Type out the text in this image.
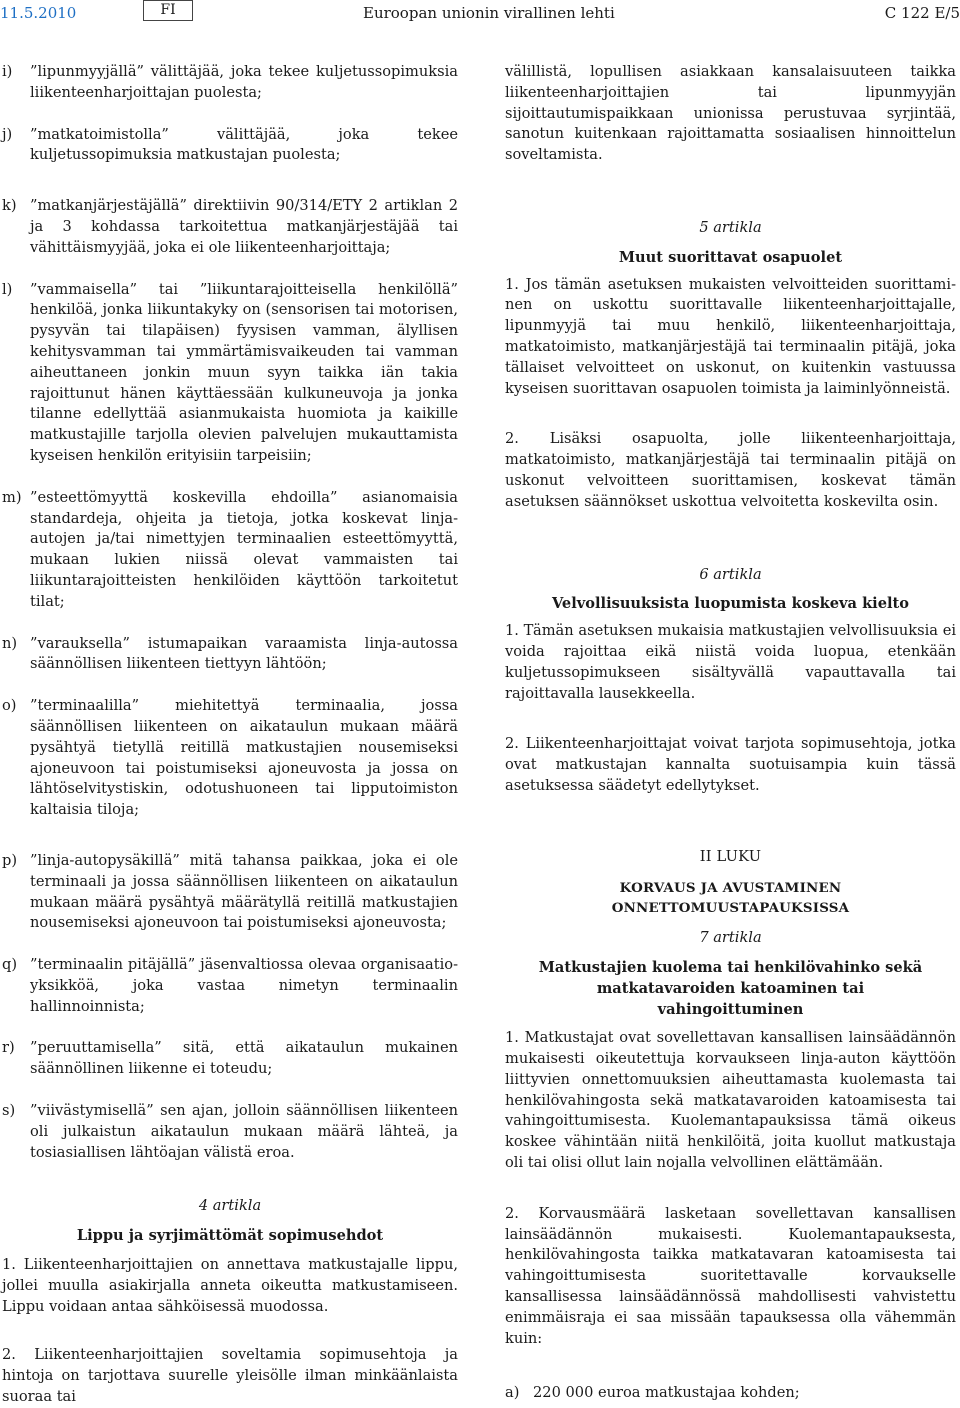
11.5.2010	FI	Euroopan unionin virallinen lehti	C 122 E/5
i)	”lipunmyyjällä” välittäjää, joka tekee kuljetussopimuksia liikenteenharjoittajan puolesta;
j)	”matkatoimistolla” välittäjää, joka tekee kuljetussopimuksia matkustajan puolesta;
k) ”matkanjärjestäjällä” direktiivin 90/314/ETY 2 artiklan 2 ja 3 kohdassa tarkoitettua matkanjärjestäjää tai vähittäismyyjää, joka ei ole liikenteenharjoittaja;
l)	”vammaisella” tai ”liikuntarajoitteisella henkilöllä” henkilöä, jonka liikuntakyky on (sensorisen tai motorisen, pysyvän tai tilapäisen) fyysisen vamman, älyllisen kehitysvamman tai ymmärtämisvaikeuden tai vamman aiheuttaneen jonkin muun syyn taikka iän takia rajoittunut hänen käyttäessään kulkuneuvoja ja jonka tilanne edellyttää asianmukaista huomiota ja kaikille matkustajille tarjolla olevien palvelujen mukauttamista kyseisen henkilön erityisiin tarpeisiin;
m) ”esteettömyyttä koskevilla ehdoilla” asianomaisia standardeja, ohjeita ja tietoja, jotka koskevat linja-autojen ja/tai nimettyjen terminaalien esteettömyyttä, mukaan lukien niissä olevat vammaisten tai liikuntarajoitteisten henkilöiden käyttöön tarkoitetut tilat;
n) ”varauksella” istumapaikan varaamista linja-autossa säännöllisen liikenteen tiettyyn lähtöön;
o) ”terminaalilla” miehitettyä terminaalia, jossa säännöllisen liikenteen on aikataulun mukaan määrä pysähtyä tietyllä reitillä matkustajien nousemiseksi ajoneuvoon tai poistumiseksi ajoneuvosta ja jossa on lähtöselvitystiskin, odotushuoneen tai lipputoimiston kaltaisia tiloja;
p) ”linja-autopysäkillä” mitä tahansa paikkaa, joka ei ole terminaali ja jossa säännöllisen liikenteen on aikataulun mukaan määrä pysähtyä määrätyllä reitillä matkustajien nousemiseksi ajoneuvoon tai poistumiseksi ajoneuvosta;
q) ”terminaalin pitäjällä” jäsenvaltiossa olevaa organisaatioyksikköä, joka vastaa nimetyn terminaalin hallinnoinnista;
r)	”peruuttamisella” sitä, että aikataulun mukainen säännöllinen liikenne ei toteudu;
s)	”viivästymisellä” sen ajan, jolloin säännöllisen liikenteen oli julkaistun aikataulun mukaan määrä lähteä, ja tosiasiallisen lähtöajan välistä eroa.

4 artikla

Lippu ja syrjimättömät sopimusehdot

1. Liikenteenharjoittajien on annettava matkustajalle lippu, jollei muulla asiakirjalla anneta oikeutta matkustamiseen. Lippu voidaan antaa sähköisessä muodossa.

2. Liikenteenharjoittajien soveltamia sopimusehtoja ja hintoja on tarjottava suurelle yleisölle ilman minkäänlaista suoraa tai

välillistä, lopullisen asiakkaan kansalaisuuteen taikka liikenteenharjoittajien tai lipunmyyjän sijoittautumispaikkaan unionissa perustuvaa syrjintää, sanotun kuitenkaan rajoittamatta sosiaalisen hinnoittelun soveltamista.

5 artikla

Muut suorittavat osapuolet

1. Jos tämän asetuksen mukaisten velvoitteiden suorittaminen on uskottu suorittavalle liikenteenharjoittajalle, lipunmyyjä tai muu henkilö, liikenteenharjoittaja, matkatoimisto, matkanjärjestäjä tai terminaalin pitäjä, joka tällaiset velvoitteet on uskonut, on kuitenkin vastuussa kyseisen suorittavan osapuolen toimista ja laiminlyönneistä.

2. Lisäksi osapuolta, jolle liikenteenharjoittaja, matkatoimisto, matkanjärjestäjä tai terminaalin pitäjä on uskonut velvoitteen suorittamisen, koskevat tämän asetuksen säännökset uskottua velvoitetta koskevilta osin.

6 artikla

Velvollisuuksista luopumista koskeva kielto

1. Tämän asetuksen mukaisia matkustajien velvollisuuksia ei voida rajoittaa eikä niistä voida luopua, etenkään kuljetussopimukseen sisältyvällä vapauttavalla tai rajoittavalla lausekkeella.

2. Liikenteenharjoittajat voivat tarjota sopimusehtoja, jotka ovat matkustajan kannalta suotuisampia kuin tässä asetuksessa säädetyt edellytykset.

II LUKU

KORVAUS JA AVUSTAMINEN ONNETTOMUUSTAPAUKSISSA

7 artikla

Matkustajien kuolema tai henkilövahinko sekä matkatavaroiden katoaminen tai vahingoittuminen

1. Matkustajat ovat sovellettavan kansallisen lainsäädännön mukaisesti oikeutettuja korvaukseen linja-auton käyttöön liittyvien onnettomuuksien aiheuttamasta kuolemasta tai henkilövahingosta sekä matkatavaroiden katoamisesta tai vahingoittumisesta. Kuolemantapauksissa tämä oikeus koskee vähintään niitä henkilöitä, joita kuollut matkustaja oli tai olisi ollut lain nojalla velvollinen elättämään.

2. Korvausmäärä lasketaan sovellettavan kansallisen lainsäädännön mukaisesti. Kuolemantapauksesta, henkilövahingosta taikka matkatavaran katoamisesta tai vahingoittumisesta suoritettavalle korvaukselle kansallisessa lainsäädännössä mahdollisesti vahvistettu enimmäisraja ei saa missään tapauksessa olla vähemmän kuin:

a) 220 000 euroa matkustajaa kohden;
